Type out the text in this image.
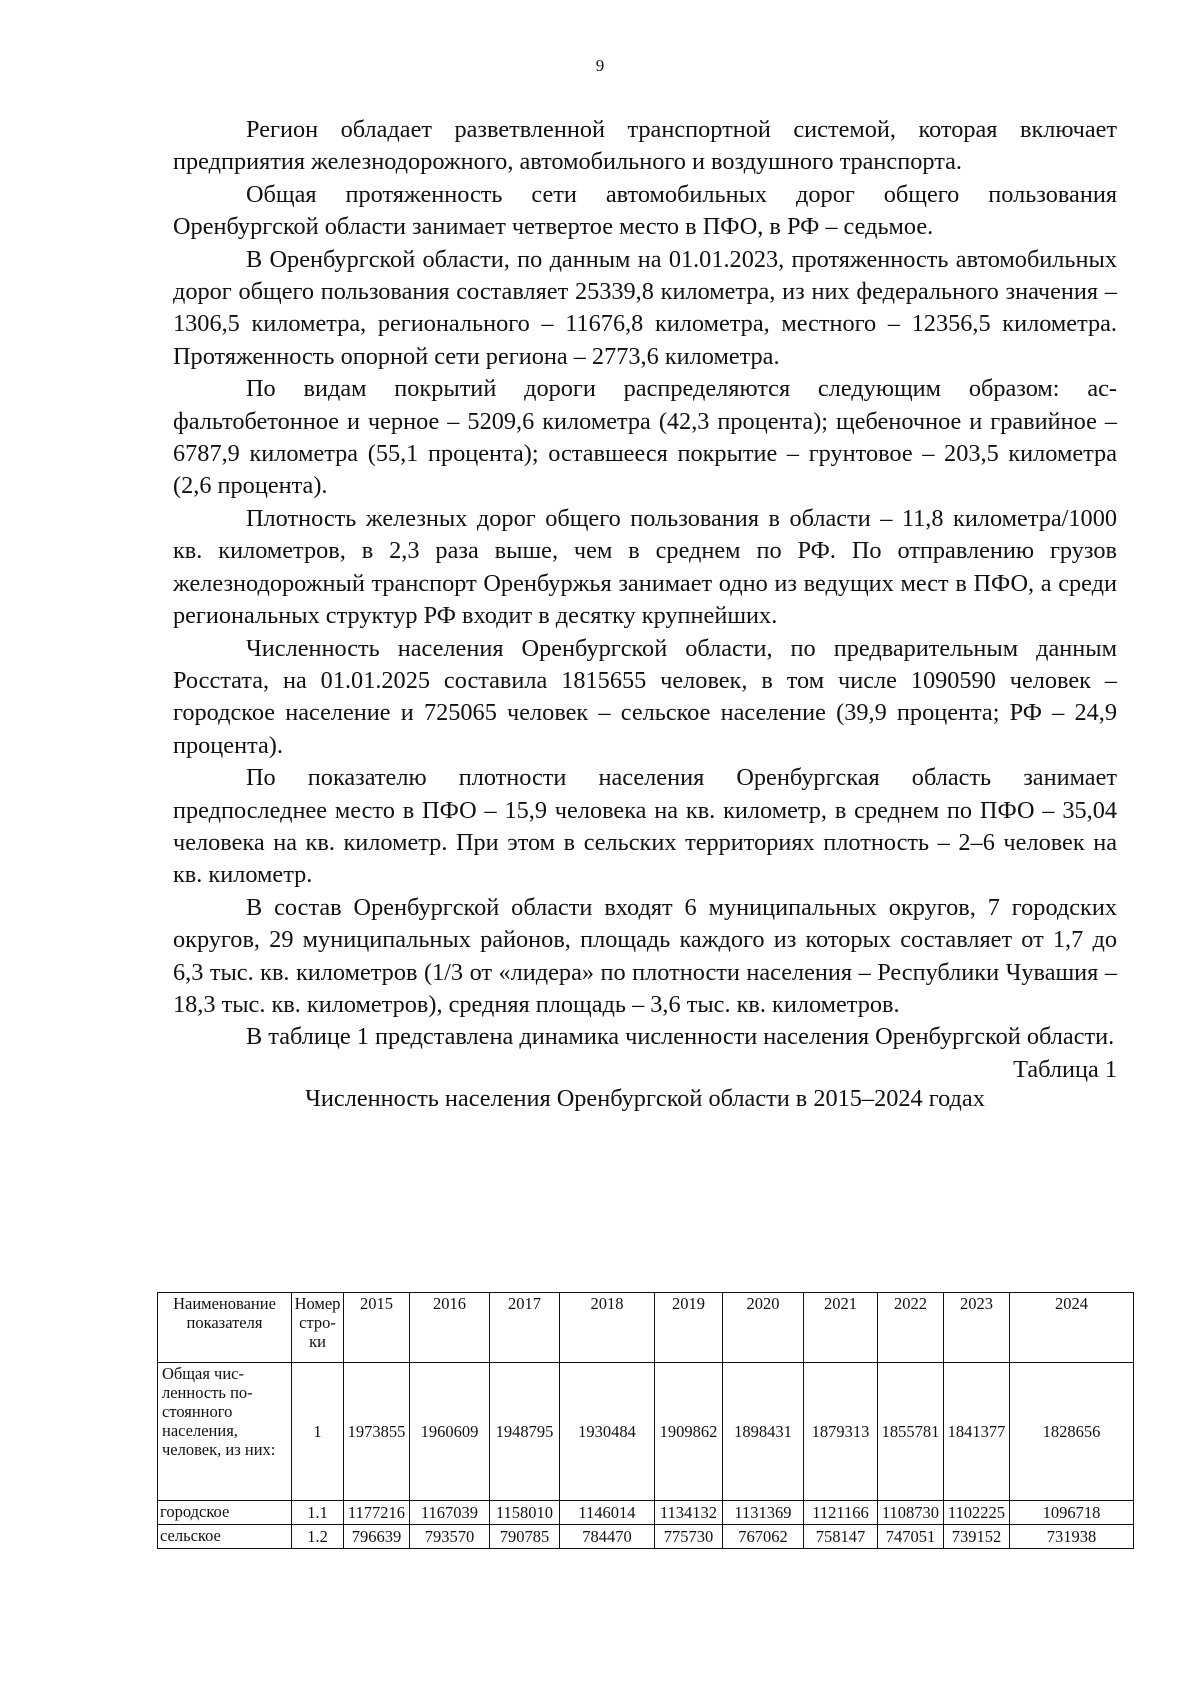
9

Регион обладает разветвленной транспортной системой, которая включает предприятия железнодорожного, автомобильного и воздушного транспорта.

Общая протяженность сети автомобильных дорог общего пользования Оренбургской области занимает четвертое место в ПФО, в РФ – седьмое.

В Оренбургской области, по данным на 01.01.2023, протяженность автомобильных дорог общего пользования составляет 25339,8 километра, из них федерального значения – 1306,5 километра, регионального – 11676,8 километра, местного – 12356,5 километра. Протяженность опорной сети региона – 2773,6 километра.

По видам покрытий дороги распределяются следующим образом: асфальтобетонное и черное – 5209,6 километра (42,3 процента); щебеночное и гравийное – 6787,9 километра (55,1 процента); оставшееся покрытие – грунтовое – 203,5 километра (2,6 процента).

Плотность железных дорог общего пользования в области – 11,8 километра/1000 кв. километров, в 2,3 раза выше, чем в среднем по РФ. По отправлению грузов железнодорожный транспорт Оренбуржья занимает одно из ведущих мест в ПФО, а среди региональных структур РФ входит в десятку крупнейших.

Численность населения Оренбургской области, по предварительным данным Росстата, на 01.01.2025 составила 1815655 человек, в том числе 1090590 человек – городское население и 725065 человек – сельское население (39,9 процента; РФ – 24,9 процента).

По показателю плотности населения Оренбургская область занимает предпоследнее место в ПФО – 15,9 человека на кв. километр, в среднем по ПФО – 35,04 человека на кв. километр. При этом в сельских территориях плотность – 2–6 человек на кв. километр.

В состав Оренбургской области входят 6 муниципальных округов, 7 городских округов, 29 муниципальных районов, площадь каждого из которых составляет от 1,7 до 6,3 тыс. кв. километров (1/3 от «лидера» по плотности населения – Республики Чувашия – 18,3 тыс. кв. километров), средняя площадь – 3,6 тыс. кв. километров.

В таблице 1 представлена динамика численности населения Оренбургской области.

Таблица 1

Численность населения Оренбургской области в 2015–2024 годах

Наименование показателя	Номер строки	2015	2016	2017	2018	2019	2020	2021	2022	2023	2024
Общая численность постоянного населения, человек, из них:	1	1973855	1960609	1948795	1930484	1909862	1898431	1879313	1855781	1841377	1828656
городское	1.1	1177216	1167039	1158010	1146014	1134132	1131369	1121166	1108730	1102225	1096718
сельское	1.2	796639	793570	790785	784470	775730	767062	758147	747051	739152	731938
